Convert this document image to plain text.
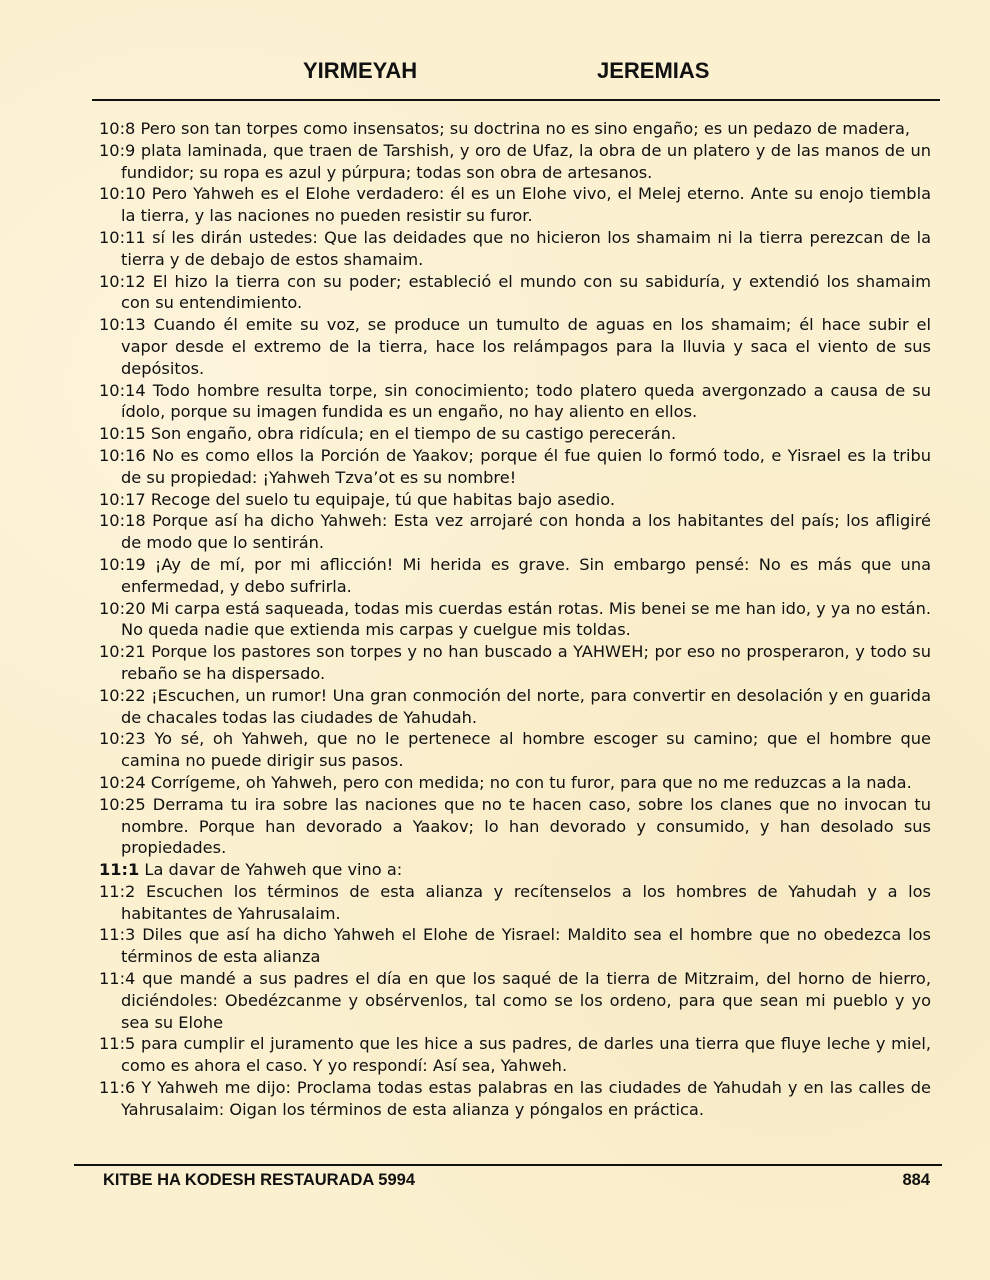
YIRMEYAH	JEREMIAS

10:8 Pero son tan torpes como insensatos; su doctrina no es sino engaño; es un pedazo de madera,

10:9 plata laminada, que traen de Tarshish, y oro de Ufaz, la obra de un platero y de las manos de un fundidor; su ropa es azul y púrpura; todas son obra de artesanos.

10:10 Pero Yahweh es el Elohe verdadero: él es un Elohe vivo, el Melej eterno. Ante su enojo tiembla la tierra, y las naciones no pueden resistir su furor.

10:11 sí les dirán ustedes: Que las deidades que no hicieron los shamaim ni la tierra perezcan de la tierra y de debajo de estos shamaim.

10:12 El hizo la tierra con su poder; estableció el mundo con su sabiduría, y extendió los shamaim con su entendimiento.

10:13 Cuando él emite su voz, se produce un tumulto de aguas en los shamaim; él hace subir el vapor desde el extremo de la tierra, hace los relámpagos para la lluvia y saca el viento de sus depósitos.

10:14 Todo hombre resulta torpe, sin conocimiento; todo platero queda avergonzado a causa de su ídolo, porque su imagen fundida es un engaño, no hay aliento en ellos.

10:15 Son engaño, obra ridícula; en el tiempo de su castigo perecerán.

10:16 No es como ellos la Porción de Yaakov; porque él fue quien lo formó todo, e Yisrael es la tribu de su propiedad: ¡Yahweh Tzva’ot es su nombre!

10:17 Recoge del suelo tu equipaje, tú que habitas bajo asedio.

10:18 Porque así ha dicho Yahweh: Esta vez arrojaré con honda a los habitantes del país; los afligiré de modo que lo sentirán.

10:19 ¡Ay de mí, por mi aflicción! Mi herida es grave. Sin embargo pensé: No es más que una enfermedad, y debo sufrirla.

10:20 Mi carpa está saqueada, todas mis cuerdas están rotas. Mis benei se me han ido, y ya no están. No queda nadie que extienda mis carpas y cuelgue mis toldas.

10:21 Porque los pastores son torpes y no han buscado a YAHWEH; por eso no prosperaron, y todo su rebaño se ha dispersado.

10:22 ¡Escuchen, un rumor! Una gran conmoción del norte, para convertir en desolación y en guarida de chacales todas las ciudades de Yahudah.

10:23 Yo sé, oh Yahweh, que no le pertenece al hombre escoger su camino; que el hombre que camina no puede dirigir sus pasos.

10:24 Corrígeme, oh Yahweh, pero con medida; no con tu furor, para que no me reduzcas a la nada.

10:25 Derrama tu ira sobre las naciones que no te hacen caso, sobre los clanes que no invocan tu nombre. Porque han devorado a Yaakov; lo han devorado y consumido, y han desolado sus propiedades.

11:1 La davar de Yahweh que vino a:

11:2 Escuchen los términos de esta alianza y recítenselos a los hombres de Yahudah y a los habitantes de Yahrusalaim.

11:3 Diles que así ha dicho Yahweh el Elohe de Yisrael: Maldito sea el hombre que no obedezca los términos de esta alianza

11:4 que mandé a sus padres el día en que los saqué de la tierra de Mitzraim, del horno de hierro, diciéndoles: Obedézcanme y obsérvenlos, tal como se los ordeno, para que sean mi pueblo y yo sea su Elohe

11:5 para cumplir el juramento que les hice a sus padres, de darles una tierra que fluye leche y miel, como es ahora el caso. Y yo respondí: Así sea, Yahweh.

11:6 Y Yahweh me dijo: Proclama todas estas palabras en las ciudades de Yahudah y en las calles de Yahrusalaim: Oigan los términos de esta alianza y póngalos en práctica.

KITBE HA KODESH RESTAURADA 5994	884
